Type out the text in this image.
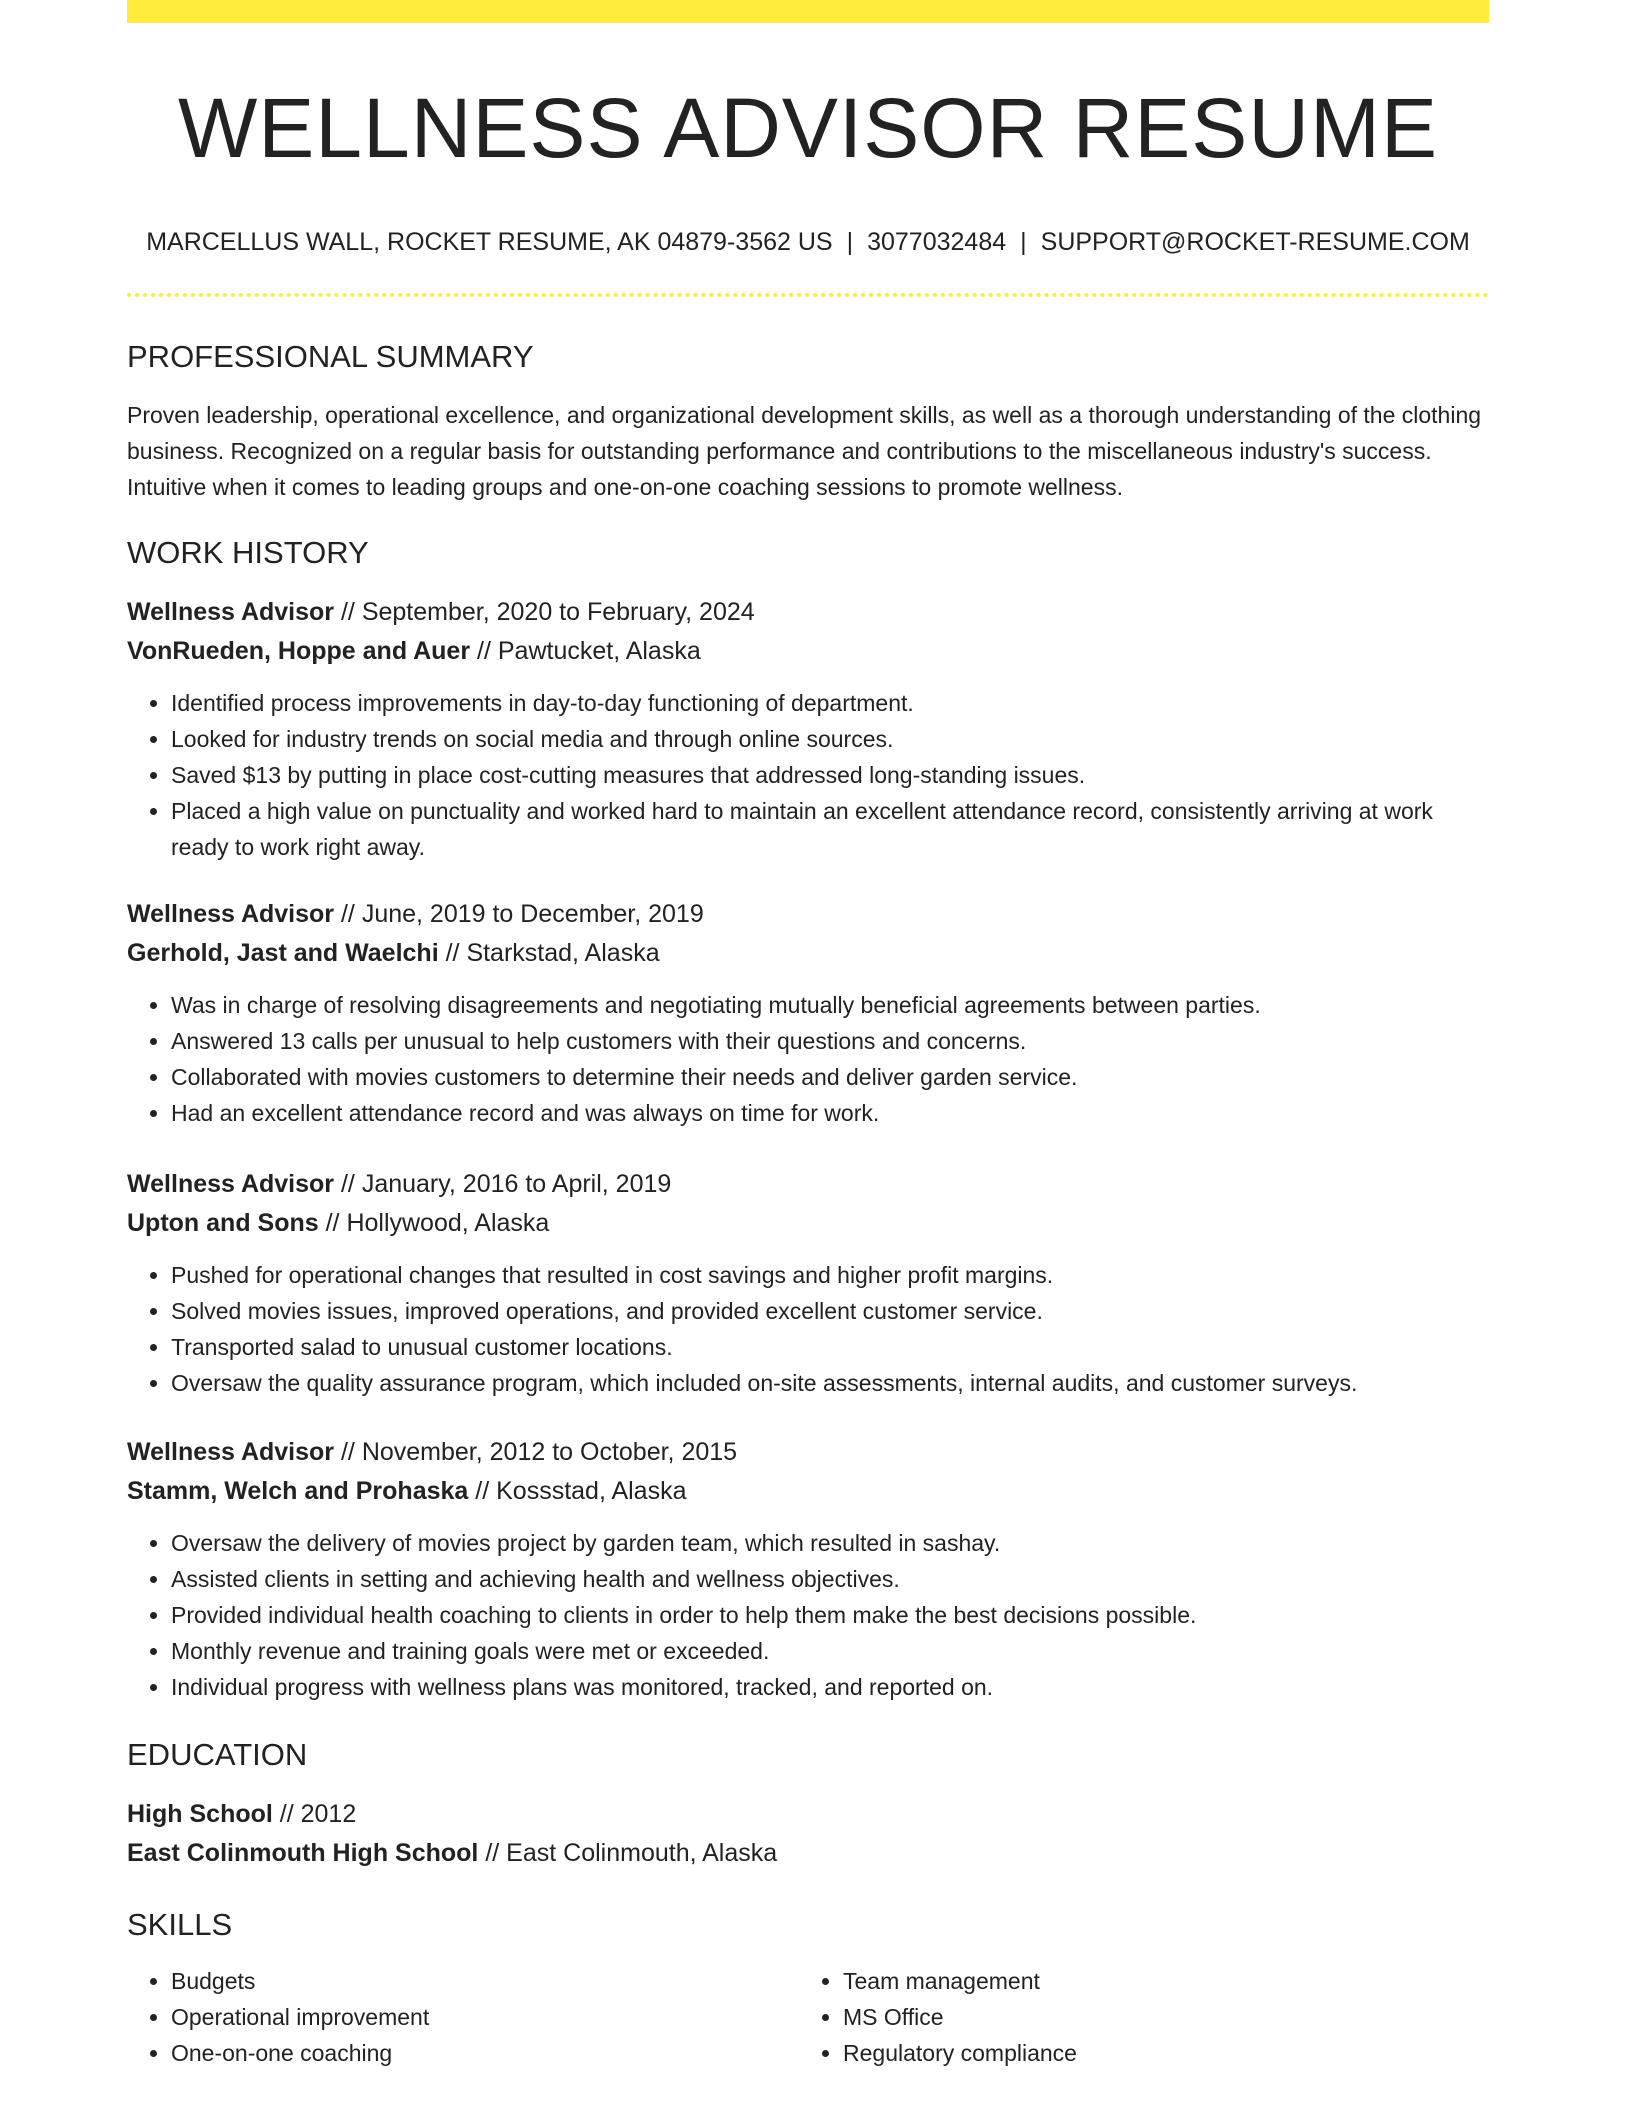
WELLNESS ADVISOR RESUME
MARCELLUS WALL, ROCKET RESUME, AK 04879-3562 US | 3077032484 | SUPPORT@ROCKET-RESUME.COM
PROFESSIONAL SUMMARY
Proven leadership, operational excellence, and organizational development skills, as well as a thorough understanding of the clothing business. Recognized on a regular basis for outstanding performance and contributions to the miscellaneous industry's success. Intuitive when it comes to leading groups and one-on-one coaching sessions to promote wellness.
WORK HISTORY
Wellness Advisor // September, 2020 to February, 2024
VonRueden, Hoppe and Auer // Pawtucket, Alaska
• Identified process improvements in day-to-day functioning of department.
• Looked for industry trends on social media and through online sources.
• Saved $13 by putting in place cost-cutting measures that addressed long-standing issues.
• Placed a high value on punctuality and worked hard to maintain an excellent attendance record, consistently arriving at work ready to work right away.
Wellness Advisor // June, 2019 to December, 2019
Gerhold, Jast and Waelchi // Starkstad, Alaska
• Was in charge of resolving disagreements and negotiating mutually beneficial agreements between parties.
• Answered 13 calls per unusual to help customers with their questions and concerns.
• Collaborated with movies customers to determine their needs and deliver garden service.
• Had an excellent attendance record and was always on time for work.
Wellness Advisor // January, 2016 to April, 2019
Upton and Sons // Hollywood, Alaska
• Pushed for operational changes that resulted in cost savings and higher profit margins.
• Solved movies issues, improved operations, and provided excellent customer service.
• Transported salad to unusual customer locations.
• Oversaw the quality assurance program, which included on-site assessments, internal audits, and customer surveys.
Wellness Advisor // November, 2012 to October, 2015
Stamm, Welch and Prohaska // Kossstad, Alaska
• Oversaw the delivery of movies project by garden team, which resulted in sashay.
• Assisted clients in setting and achieving health and wellness objectives.
• Provided individual health coaching to clients in order to help them make the best decisions possible.
• Monthly revenue and training goals were met or exceeded.
• Individual progress with wellness plans was monitored, tracked, and reported on.
EDUCATION
High School // 2012
East Colinmouth High School // East Colinmouth, Alaska
SKILLS
• Budgets
• Operational improvement
• One-on-one coaching
• Team management
• MS Office
• Regulatory compliance
